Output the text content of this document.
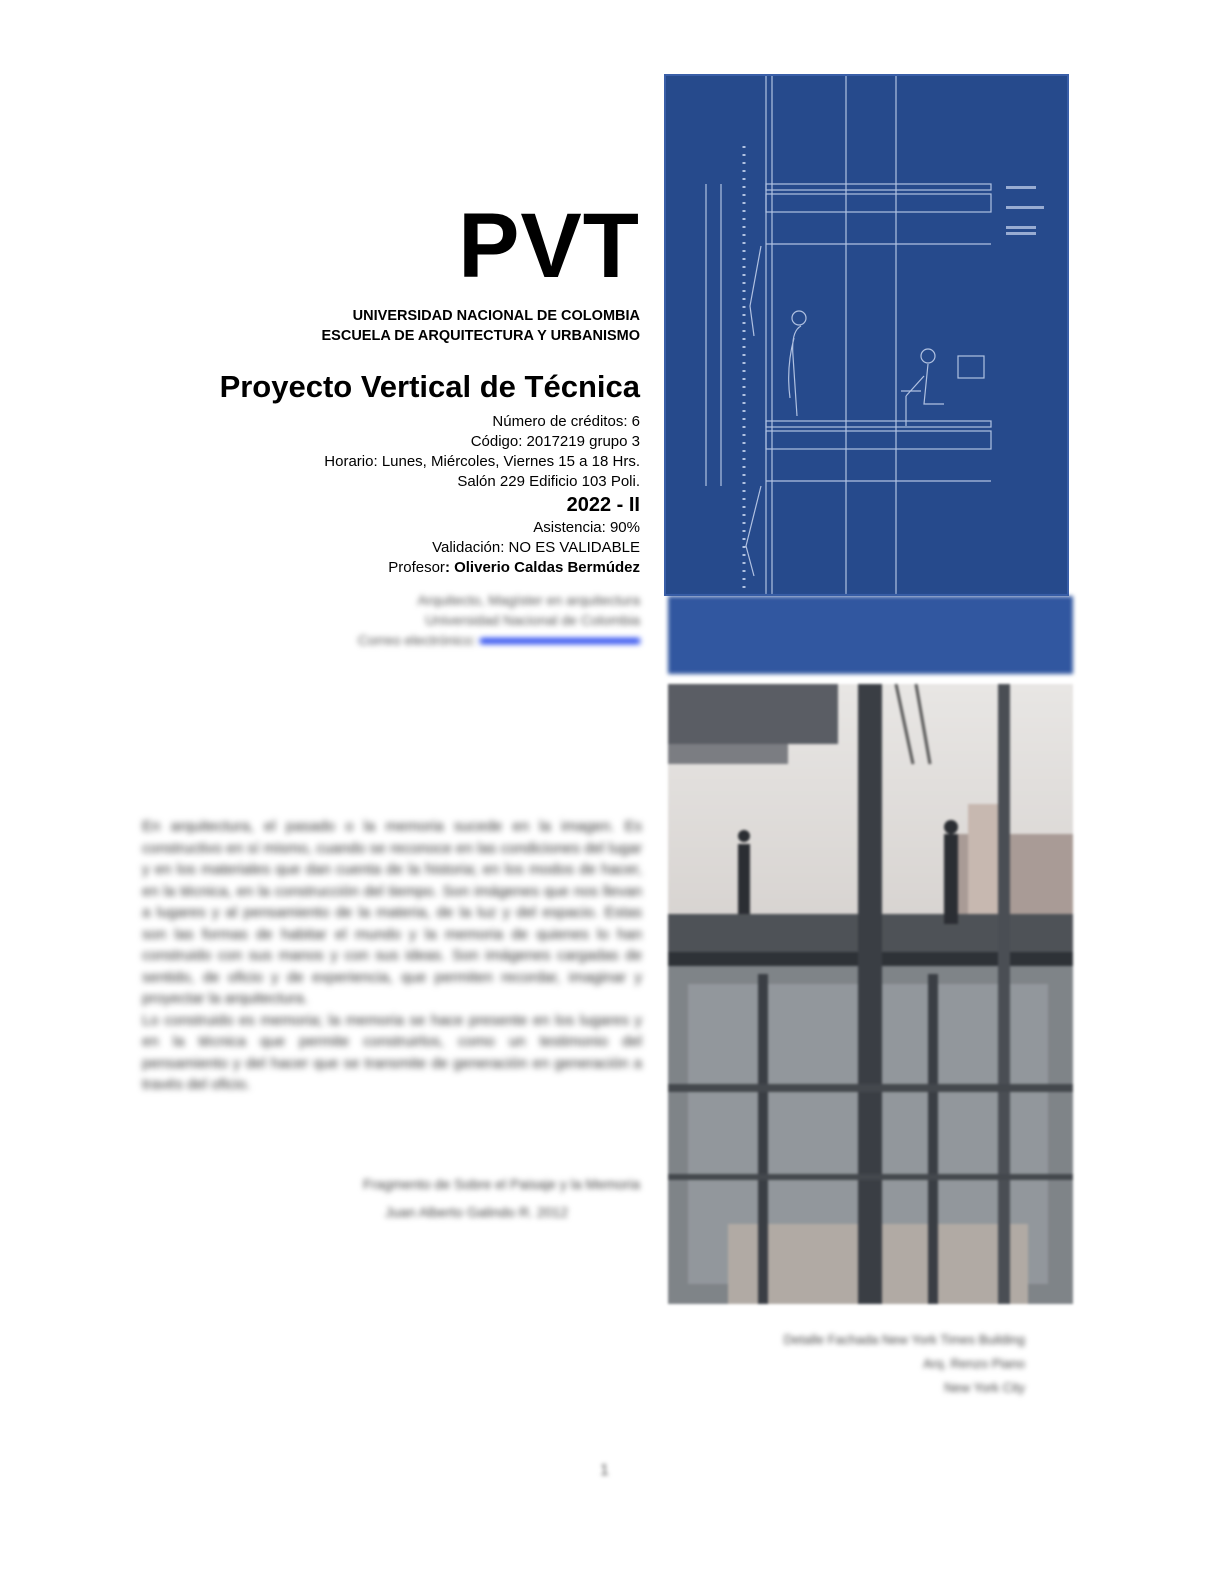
PVT
UNIVERSIDAD NACIONAL DE COLOMBIA
ESCUELA DE ARQUITECTURA Y URBANISMO
Proyecto Vertical de Técnica
Número de créditos: 6
Código: 2017219 grupo 3
Horario: Lunes, Miércoles, Viernes 15 a 18 Hrs.
Salón 229 Edificio 103 Poli.
2022 - II
Asistencia: 90%
Validación: NO ES VALIDABLE
Profesor: Oliverio Caldas Bermúdez
Arquitecto, Magíster en arquitectura
Universidad Nacional de Colombia
Correo electrónico:
En arquitectura, el pasado o la memoria sucede en la imagen. Es constructivo en sí mismo, cuando se reconoce en las condiciones del lugar y en los materiales que dan cuenta de la historia; en los modos de hacer, en la técnica, en la construcción del tiempo. Son imágenes que nos llevan a lugares y al pensamiento de la materia, de la luz y del espacio. Estas son las formas de habitar el mundo y la memoria de quienes lo han construido con sus manos y con sus ideas. Son imágenes cargadas de sentido, de oficio y de experiencia, que permiten recordar, imaginar y proyectar la arquitectura.
Lo construido es memoria; la memoria se hace presente en los lugares y en la técnica que permite construirlos, como un testimonio del pensamiento y del hacer que se transmite de generación en generación a través del oficio.
Fragmento de Sobre el Paisaje y la Memoria
Juan Alberto Galindo R. 2012
Detalle Fachada New York Times Building
Arq. Renzo Piano
New York City
1
